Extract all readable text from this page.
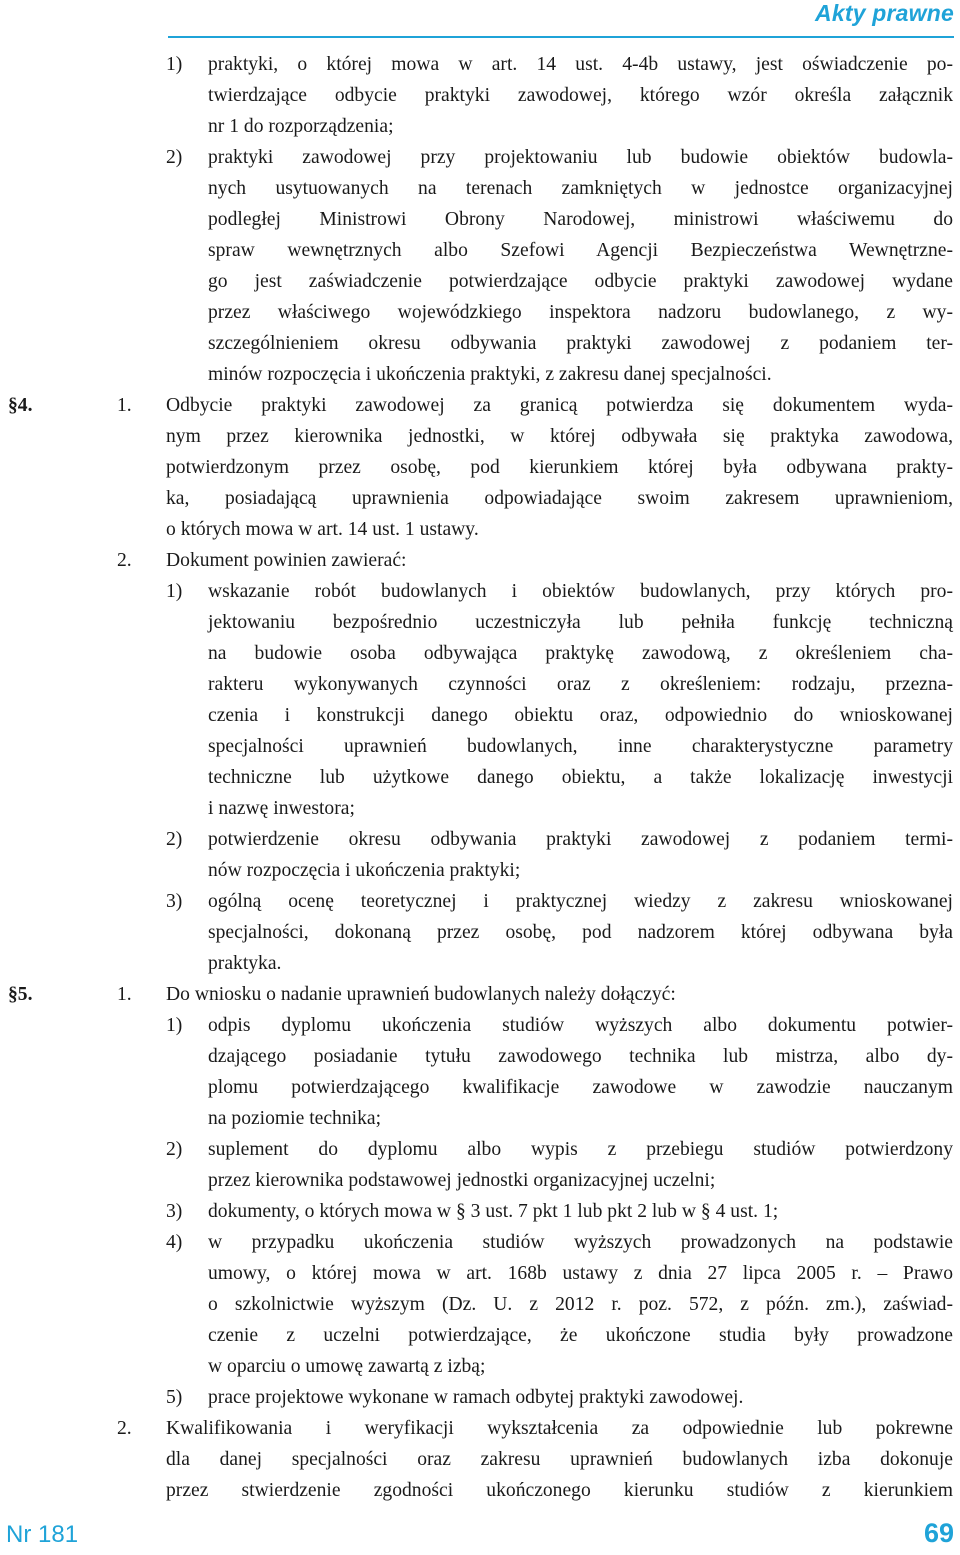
Akty prawne
1) praktyki, o której mowa w art. 14 ust. 4-4b ustawy, jest oświadczenie po-
twierdzające odbycie praktyki zawodowej, którego wzór określa załącznik
nr 1 do rozporządzenia;
2) praktyki zawodowej przy projektowaniu lub budowie obiektów budowla-
nych usytuowanych na terenach zamkniętych w jednostce organizacyjnej
podległej Ministrowi Obrony Narodowej, ministrowi właściwemu do
spraw wewnętrznych albo Szefowi Agencji Bezpieczeństwa Wewnętrzne-
go jest zaświadczenie potwierdzające odbycie praktyki zawodowej wydane
przez właściwego wojewódzkiego inspektora nadzoru budowlanego, z wy-
szczególnieniem okresu odbywania praktyki zawodowej z podaniem ter-
minów rozpoczęcia i ukończenia praktyki, z zakresu danej specjalności.
§4.	1. Odbycie praktyki zawodowej za granicą potwierdza się dokumentem wyda-
nym przez kierownika jednostki, w której odbywała się praktyka zawodowa,
potwierdzonym przez osobę, pod kierunkiem której była odbywana prakty-
ka, posiadającą uprawnienia odpowiadające swoim zakresem uprawnieniom,
o których mowa w art. 14 ust. 1 ustawy.
2. Dokument powinien zawierać:
1) wskazanie robót budowlanych i obiektów budowlanych, przy których pro-
jektowaniu bezpośrednio uczestniczyła lub pełniła funkcję techniczną
na budowie osoba odbywająca praktykę zawodową, z określeniem cha-
rakteru wykonywanych czynności oraz z określeniem: rodzaju, przezna-
czenia i konstrukcji danego obiektu oraz, odpowiednio do wnioskowanej
specjalności uprawnień budowlanych, inne charakterystyczne parametry
techniczne lub użytkowe danego obiektu, a także lokalizację inwestycji
i nazwę inwestora;
2) potwierdzenie okresu odbywania praktyki zawodowej z podaniem termi-
nów rozpoczęcia i ukończenia praktyki;
3) ogólną ocenę teoretycznej i praktycznej wiedzy z zakresu wnioskowanej
specjalności, dokonaną przez osobę, pod nadzorem której odbywana była
praktyka.
§5.	1. Do wniosku o nadanie uprawnień budowlanych należy dołączyć:
1) odpis dyplomu ukończenia studiów wyższych albo dokumentu potwier-
dzającego posiadanie tytułu zawodowego technika lub mistrza, albo dy-
plomu potwierdzającego kwalifikacje zawodowe w zawodzie nauczanym
na poziomie technika;
2) suplement do dyplomu albo wypis z przebiegu studiów potwierdzony
przez kierownika podstawowej jednostki organizacyjnej uczelni;
3) dokumenty, o których mowa w § 3 ust. 7 pkt 1 lub pkt 2 lub w § 4 ust. 1;
4) w przypadku ukończenia studiów wyższych prowadzonych na podstawie
umowy, o której mowa w art. 168b ustawy z dnia 27 lipca 2005 r. – Prawo
o szkolnictwie wyższym (Dz. U. z 2012 r. poz. 572, z późn. zm.), zaświad-
czenie z uczelni potwierdzające, że ukończone studia były prowadzone
w oparciu o umowę zawartą z izbą;
5) prace projektowe wykonane w ramach odbytej praktyki zawodowej.
2. Kwalifikowania i weryfikacji wykształcenia za odpowiednie lub pokrewne
dla danej specjalności oraz zakresu uprawnień budowlanych izba dokonuje
przez stwierdzenie zgodności ukończonego kierunku studiów z kierunkiem
Nr 181	69
